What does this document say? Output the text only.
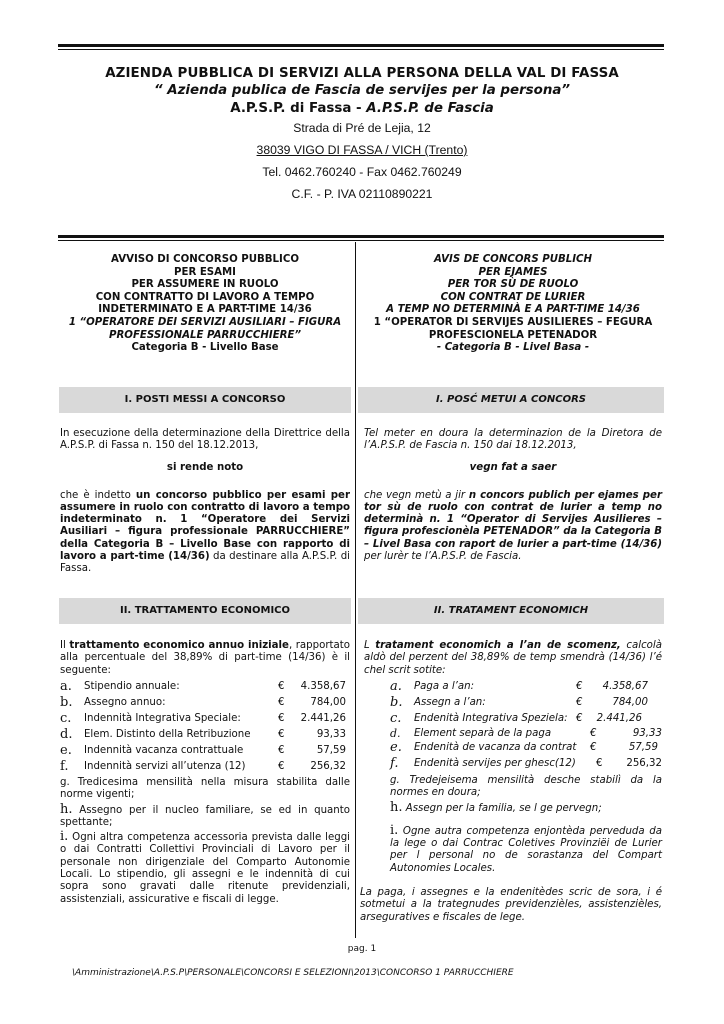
AZIENDA PUBBLICA DI SERVIZI ALLA PERSONA DELLA VAL DI FASSA
“ Azienda publica de Fascia de servijes per la persona”
A.P.S.P. di Fassa - A.P.S.P. de Fascia
Strada di Pré de Lejia, 12
38039 VIGO DI FASSA / VICH (Trento)
Tel. 0462.760240 - Fax 0462.760249
C.F. - P. IVA 02110890221
AVVISO DI CONCORSO PUBBLICO
PER ESAMI
PER ASSUMERE IN RUOLO
CON CONTRATTO DI LAVORO A TEMPO
INDETERMINATO E A PART-TIME 14/36
1 “OPERATORE DEI SERVIZI AUSILIARI – FIGURA
PROFESSIONALE PARRUCCHIERE”
Categoria B - Livello Base
AVIS DE CONCORS PUBLICH
PER EJAMES
PER TOR SÙ DE RUOLO
CON CONTRAT DE LURIER
A TEMP NO DETERMINÀ E A PART-TIME 14/36
1 “OPERATOR DI SERVIJES AUSILIERES – FEGURA
PROFESCIONELA PETENADOR
- Categoria B - Livel Basa -
I. POSTI MESSI A CONCORSO	I. POSĆ METUI A CONCORS
In esecuzione della determinazione della Direttrice della A.P.S.P. di Fassa n. 150 del 18.12.2013,
si rende noto
che è indetto un concorso pubblico per esami per assumere in ruolo con contratto di lavoro a tempo indeterminato n. 1 “Operatore dei Servizi Ausiliari – figura professionale PARRUCCHIERE” della Categoria B – Livello Base con rapporto di lavoro a part-time (14/36) da destinare alla A.P.S.P. di Fassa.
Tel meter en doura la determinazion de la Diretora de l’A.P.S.P. de Fascia n. 150 dai 18.12.2013,
vegn fat a saer
che vegn metù a jir n concors publich per ejames per tor sù de ruolo con contrat de lurier a temp no determinà n. 1 “Operator di Servijes Ausilieres – figura profescionèla PETENADOR” da la Categoria B – Livel Basa con raport de lurier a part-time (14/36) per lurèr te l’A.P.S.P. de Fascia.
II. TRATTAMENTO ECONOMICO	II. TRATAMENT ECONOMICH
Il trattamento economico annuo iniziale, rapportato alla percentuale del 38,89% di part-time (14/36) è il seguente:
a. Stipendio annuale:	€ 4.358,67
b. Assegno annuo:	€	784,00
c. Indennità Integrativa Speciale:	€ 2.441,26
d. Elem. Distinto della Retribuzione	€	93,33
e. Indennità vacanza contrattuale	€	57,59
f. Indennità servizi all’utenza (12)	€	256,32
g. Tredicesima mensilità nella misura stabilita dalle norme vigenti;
h. Assegno per il nucleo familiare, se ed in quanto spettante;
i. Ogni altra competenza accessoria prevista dalle leggi o dai Contratti Collettivi Provinciali di Lavoro per il personale non dirigenziale del Comparto Autonomie Locali. Lo stipendio, gli assegni e le indennità di cui sopra sono gravati dalle ritenute previdenziali, assistenziali, assicurative e fiscali di legge.
L tratament economich a l’an de scomenz, calcolà aldò del perzent del 38,89% de temp smendrà (14/36) l’é chel scrit sotite:
a. Paga a l’an:	€ 4.358,67
b. Assegn a l’an:	€	784,00
c. Endenità Integrativa Speziela: € 2.441,26
d. Element separà de la paga	€	93,33
e. Endenità de vacanza da contrat €	57,59
f. Endenità servijes per ghesc(12) € 256,32
g. Tredejeisema mensilità desche stabilì da la normes en doura;
h. Assegn per la familia, se l ge pervegn;
i. Ogne autra competenza enjontèda perveduda da la lege o dai Contrac Coletives Provinziëi de Lurier per l personal no de sorastanza del Compart Autonomies Locales.
La paga, i assegnes e la endenitèdes scric de sora, i é sotmetui a la trategnudes previdenzièles, assistenzièles, arseguratives e fiscales de lege.
pag. 1
\Amministrazione\A.P.S.P\PERSONALE\CONCORSI E SELEZIONI\2013\CONCORSO 1 PARRUCCHIERE
